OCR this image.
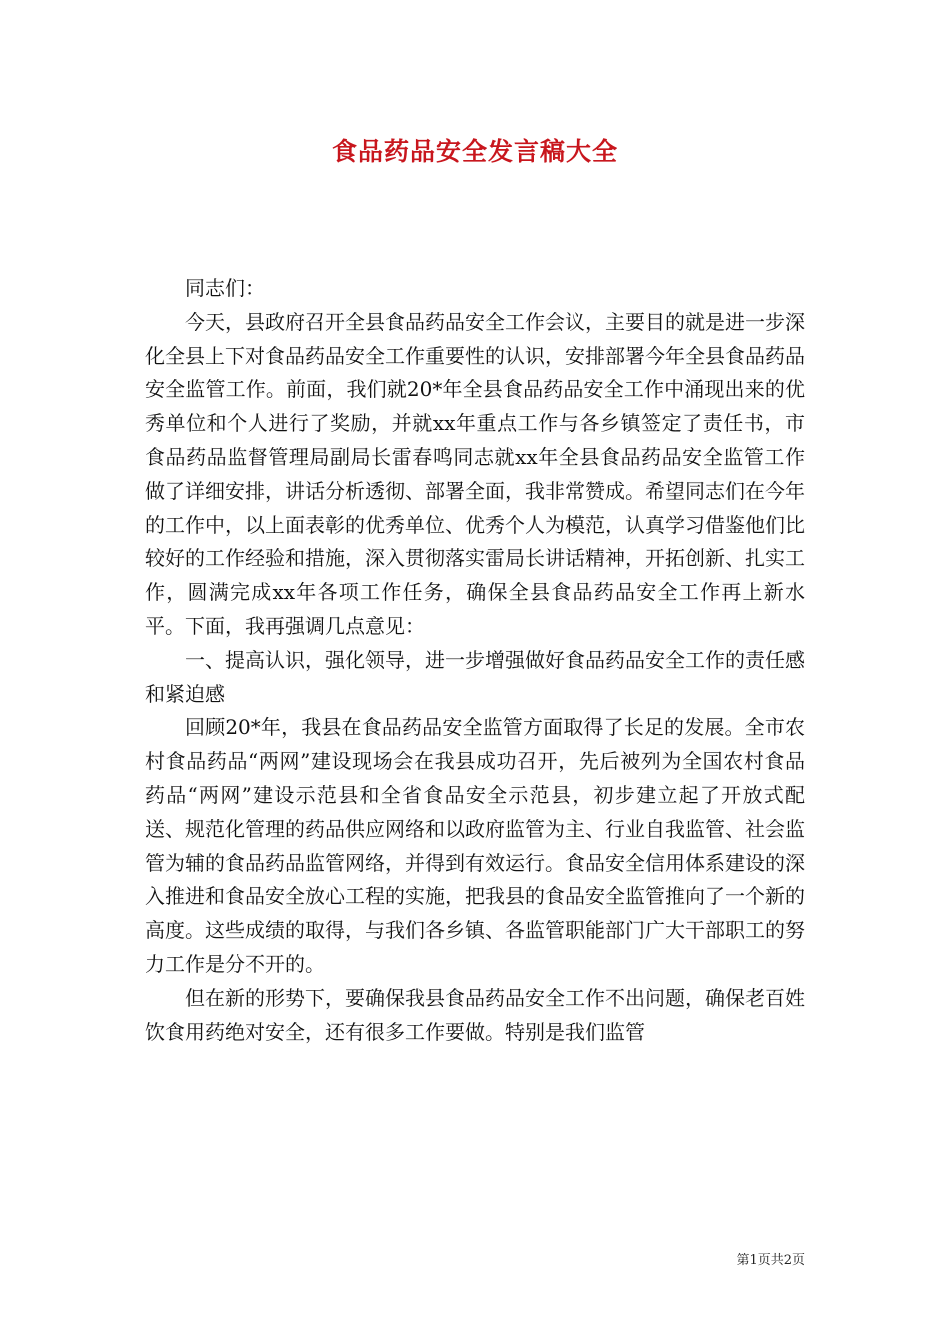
食品药品安全发言稿大全

同志们：

今天，县政府召开全县食品药品安全工作会议，主要目的就是进一步深化全县上下对食品药品安全工作重要性的认识，安排部署今年全县食品药品安全监管工作。前面，我们就20*年全县食品药品安全工作中涌现出来的优秀单位和个人进行了奖励，并就xx年重点工作与各乡镇签定了责任书，市食品药品监督管理局副局长雷春鸣同志就xx年全县食品药品安全监管工作做了详细安排，讲话分析透彻、部署全面，我非常赞成。希望同志们在今年的工作中，以上面表彰的优秀单位、优秀个人为模范，认真学习借鉴他们比较好的工作经验和措施，深入贯彻落实雷局长讲话精神，开拓创新、扎实工作，圆满完成xx年各项工作任务，确保全县食品药品安全工作再上新水平。下面，我再强调几点意见：

一、提高认识，强化领导，进一步增强做好食品药品安全工作的责任感和紧迫感

回顾20*年，我县在食品药品安全监管方面取得了长足的发展。全市农村食品药品“两网”建设现场会在我县成功召开，先后被列为全国农村食品药品“两网”建设示范县和全省食品安全示范县，初步建立起了开放式配送、规范化管理的药品供应网络和以政府监管为主、行业自我监管、社会监管为辅的食品药品监管网络，并得到有效运行。食品安全信用体系建设的深入推进和食品安全放心工程的实施，把我县的食品安全监管推向了一个新的高度。这些成绩的取得，与我们各乡镇、各监管职能部门广大干部职工的努力工作是分不开的。

但在新的形势下，要确保我县食品药品安全工作不出问题，确保老百姓饮食用药绝对安全，还有很多工作要做。特别是我们监管

第1页共2页
